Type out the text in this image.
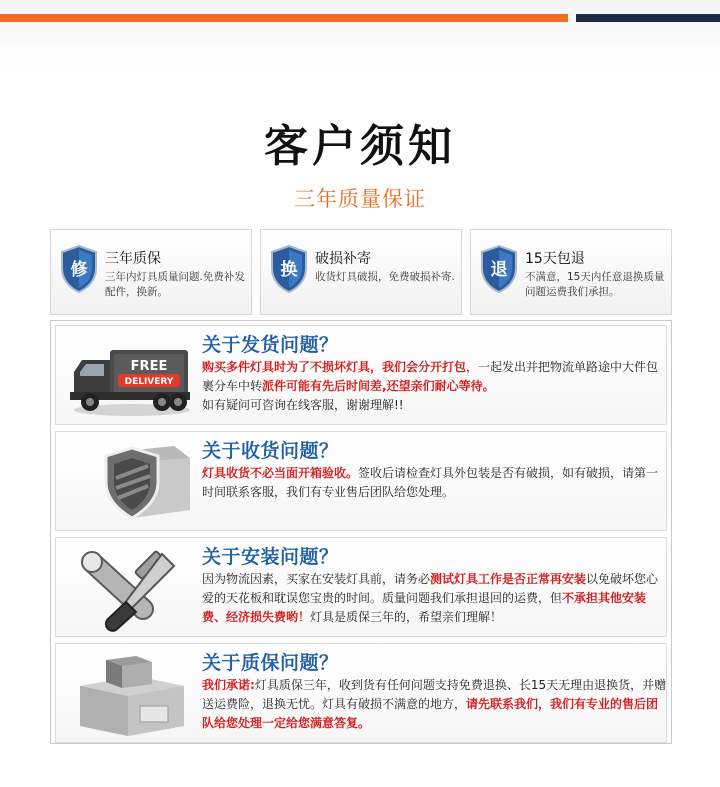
客户须知
三年质量保证
修
三年质保
三年内灯具质量问题.免费补发配件，换新。
换
破损补寄
收货灯具破损，免费破损补寄.	退
15天包退
不满意，15天内任意退换质量问题运费我们承担。
FREE
DELIVERY
关于发货问题？
购买多件灯具时为了不损坏灯具，我们会分开打包，一起发出并把物流单路途中大件包裹分车中转派件可能有先后时间差,还望亲们耐心等待。
如有疑问可咨询在线客服，谢谢理解!!
关于收货问题？
灯具收货不必当面开箱验收。签收后请检查灯具外包装是否有破损，如有破损，请第一时间联系客服，我们有专业售后团队给您处理。
关于安装问题？
因为物流因素，买家在安装灯具前，请务必测试灯具工作是否正常再安装以免破坏您心爱的天花板和耽误您宝贵的时间。质量问题我们承担退回的运费，但不承担其他安装费、经济损失费哟！灯具是质保三年的，希望亲们理解！
关于质保问题？
我们承诺:灯具质保三年，收到货有任何问题支持免费退换、长15天无理由退换货，并赠送运费险，退换无忧。灯具有破损不满意的地方，请先联系我们，我们有专业的售后团队给您处理一定给您满意答复。
